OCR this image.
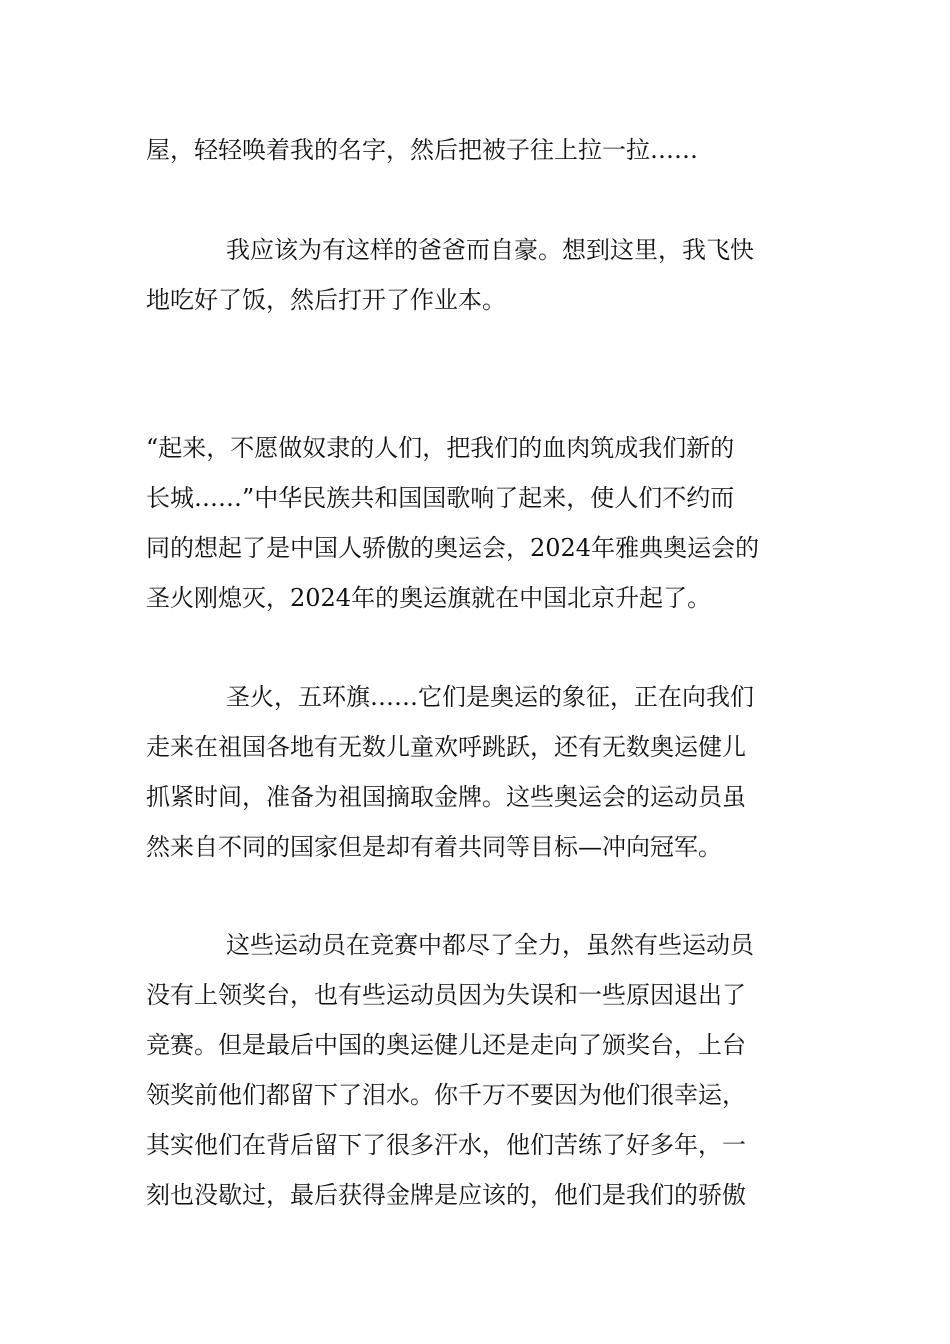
屋，轻轻唤着我的名字，然后把被子往上拉一拉……
我应该为有这样的爸爸而自豪。想到这里，我飞快
地吃好了饭，然后打开了作业本。
“起来，不愿做奴隶的人们，把我们的血肉筑成我们新的
长城……”中华民族共和国国歌响了起来，使人们不约而
同的想起了是中国人骄傲的奥运会，2024年雅典奥运会的
圣火刚熄灭，2024年的奥运旗就在中国北京升起了。
圣火，五环旗……它们是奥运的象征，正在向我们
走来在祖国各地有无数儿童欢呼跳跃，还有无数奥运健儿
抓紧时间，准备为祖国摘取金牌。这些奥运会的运动员虽
然来自不同的国家但是却有着共同等目标—冲向冠军。
这些运动员在竞赛中都尽了全力，虽然有些运动员
没有上领奖台，也有些运动员因为失误和一些原因退出了
竞赛。但是最后中国的奥运健儿还是走向了颁奖台，上台
领奖前他们都留下了泪水。你千万不要因为他们很幸运，
其实他们在背后留下了很多汗水，他们苦练了好多年，一
刻也没歇过，最后获得金牌是应该的，他们是我们的骄傲
